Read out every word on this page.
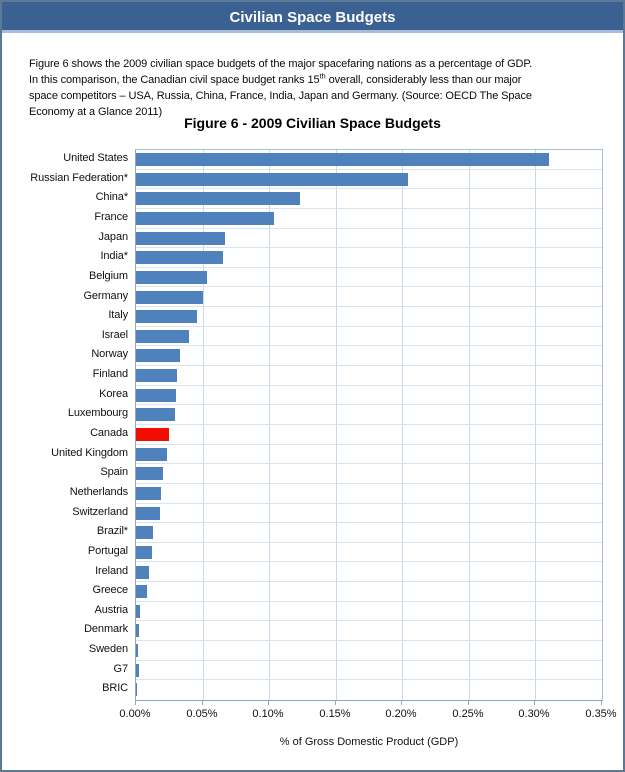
Civilian Space Budgets
Figure 6 shows the 2009 civilian space budgets of the major spacefaring nations as a percentage of GDP.
In this comparison, the Canadian civil space budget ranks 15th overall, considerably less than our major
space competitors – USA, Russia, China, France, India, Japan and Germany. (Source: OECD The Space
Economy at a Glance 2011)
Figure 6 - 2009 Civilian Space Budgets
United States
Russian Federation*
China*
France
Japan
India*
Belgium
Germany
Italy
Israel
Norway
Finland
Korea
Luxembourg
Canada
United Kingdom
Spain
Netherlands
Switzerland
Brazil*
Portugal
Ireland
Greece
Austria
Denmark
Sweden
G7
BRIC
% of Gross Domestic Product (GDP)
0.00%	0.05%	0.10%	0.15%	0.20%	0.25%	0.30%	0.35%
